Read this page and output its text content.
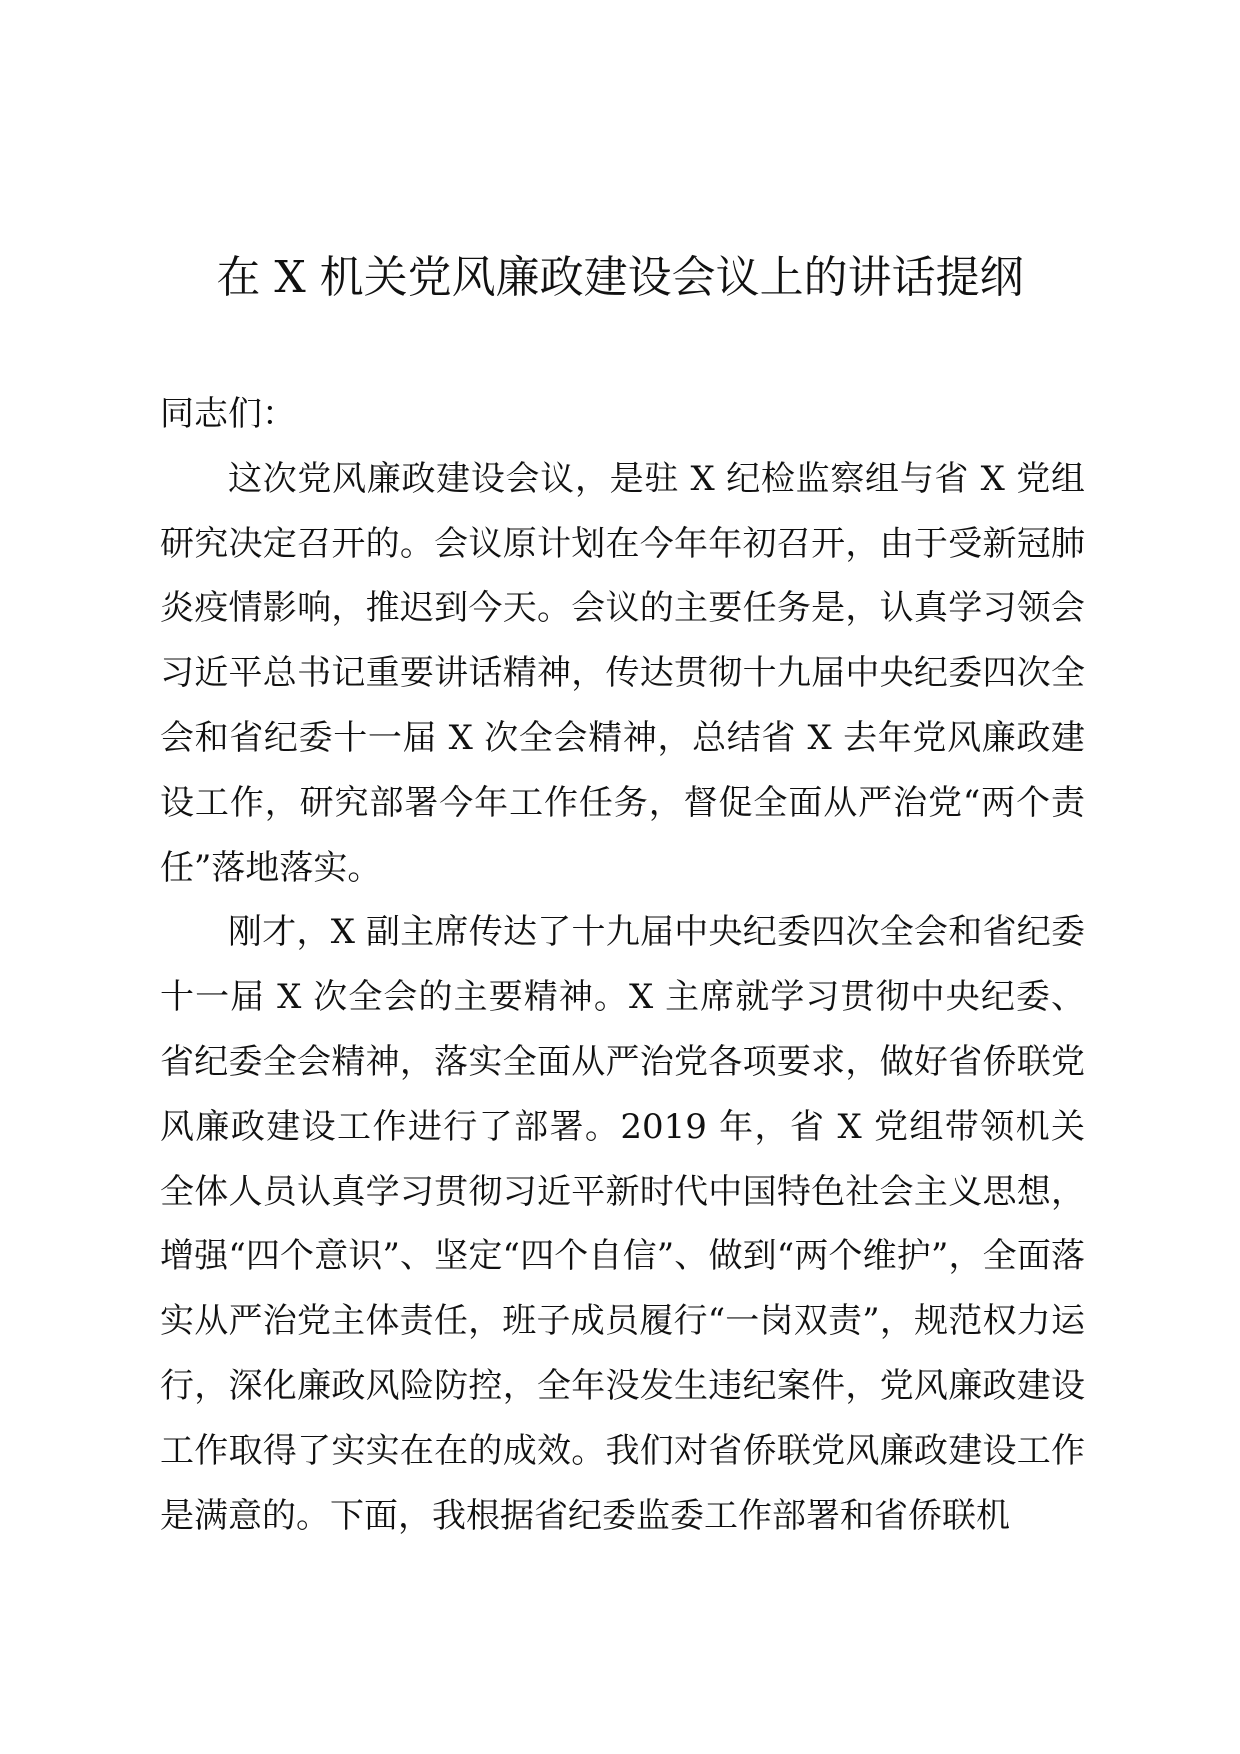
在 X 机关党风廉政建设会议上的讲话提纲

同志们：

这次党风廉政建设会议，是驻 X 纪检监察组与省 X 党组研究决定召开的。会议原计划在今年年初召开，由于受新冠肺炎疫情影响，推迟到今天。会议的主要任务是，认真学习领会习近平总书记重要讲话精神，传达贯彻十九届中央纪委四次全会和省纪委十一届 X 次全会精神，总结省 X 去年党风廉政建设工作，研究部署今年工作任务，督促全面从严治党“两个责任”落地落实。

刚才，X 副主席传达了十九届中央纪委四次全会和省纪委十一届 X 次全会的主要精神。X 主席就学习贯彻中央纪委、省纪委全会精神，落实全面从严治党各项要求，做好省侨联党风廉政建设工作进行了部署。2019 年，省 X 党组带领机关全体人员认真学习贯彻习近平新时代中国特色社会主义思想，增强“四个意识”、坚定“四个自信”、做到“两个维护”，全面落实从严治党主体责任，班子成员履行“一岗双责”，规范权力运行，深化廉政风险防控，全年没发生违纪案件，党风廉政建设工作取得了实实在在的成效。我们对省侨联党风廉政建设工作是满意的。下面，我根据省纪委监委工作部署和省侨联机
